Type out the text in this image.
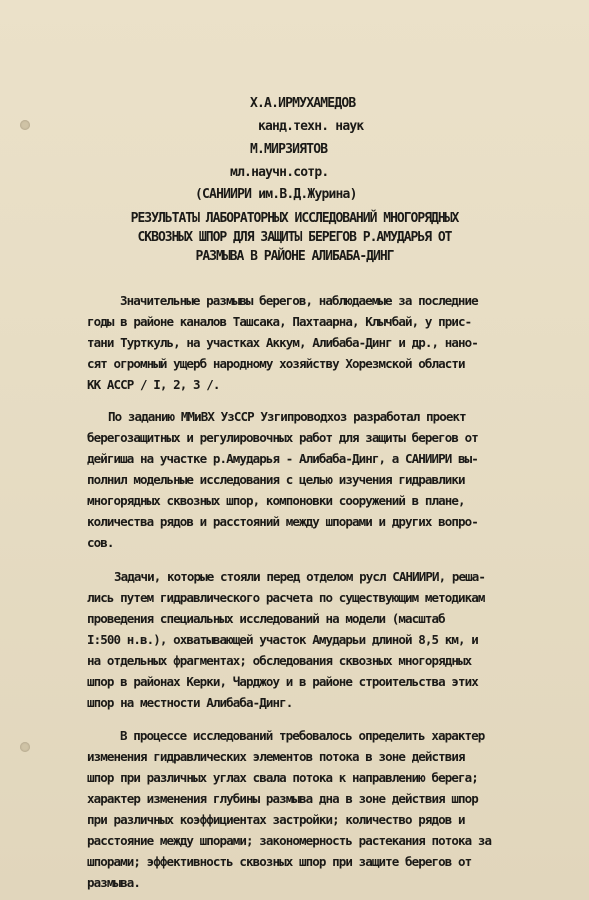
Х.А.ИРМУХАМЕДОВ
канд.техн. наук
М.МИРЗИЯТОВ
мл.научн.сотр.
(САНИИРИ им.В.Д.Журина)
РЕЗУЛЬТАТЫ ЛАБОРАТОРНЫХ ИССЛЕДОВАНИЙ МНОГОРЯДНЫХ
СКВОЗНЫХ ШПОР ДЛЯ ЗАЩИТЫ БЕРЕГОВ Р.АМУДАРЬЯ ОТ
РАЗМЫВА В РАЙОНЕ АЛИБАБА-ДИНГ
Значительные размывы берегов, наблюдаемые за последние
годы в районе каналов Ташсака, Пахтаарна, Клычбай, у прис-
тани Турткуль, на участках Аккум, Алибаба-Динг и др., нано-
сят огромный ущерб народному хозяйству Хорезмской области
КК АССР / I, 2, 3 /.
По заданию ММиВХ УзССР Узгипроводхоз разработал проект
берегозащитных и регулировочных работ для защиты берегов от
дейгиша на участке р.Амударья - Алибаба-Динг, а САНИИРИ вы-
полнил модельные исследования с целью изучения гидравлики
многорядных сквозных шпор, компоновки сооружений в плане,
количества рядов и расстояний между шпорами и других вопро-
сов.
Задачи, которые стояли перед отделом русл САНИИРИ, реша-
лись путем гидравлического расчета по существующим методикам
проведения специальных исследований на модели (масштаб
I:500 н.в.), охватывающей участок Амударьи длиной 8,5 км, и
на отдельных фрагментах; обследования сквозных многорядных
шпор в районах Керки, Чарджоу и в районе строительства этих
шпор на местности Алибаба-Динг.
В процессе исследований требовалось определить характер
изменения гидравлических элементов потока в зоне действия
шпор при различных углах свала потока к направлению берега;
характер изменения глубины размыва дна в зоне действия шпор
при различных коэффициентах застройки; количество рядов и
расстояние между шпорами; закономерность растекания потока за
шпорами; эффективность сквозных шпор при защите берегов от
размыва.
